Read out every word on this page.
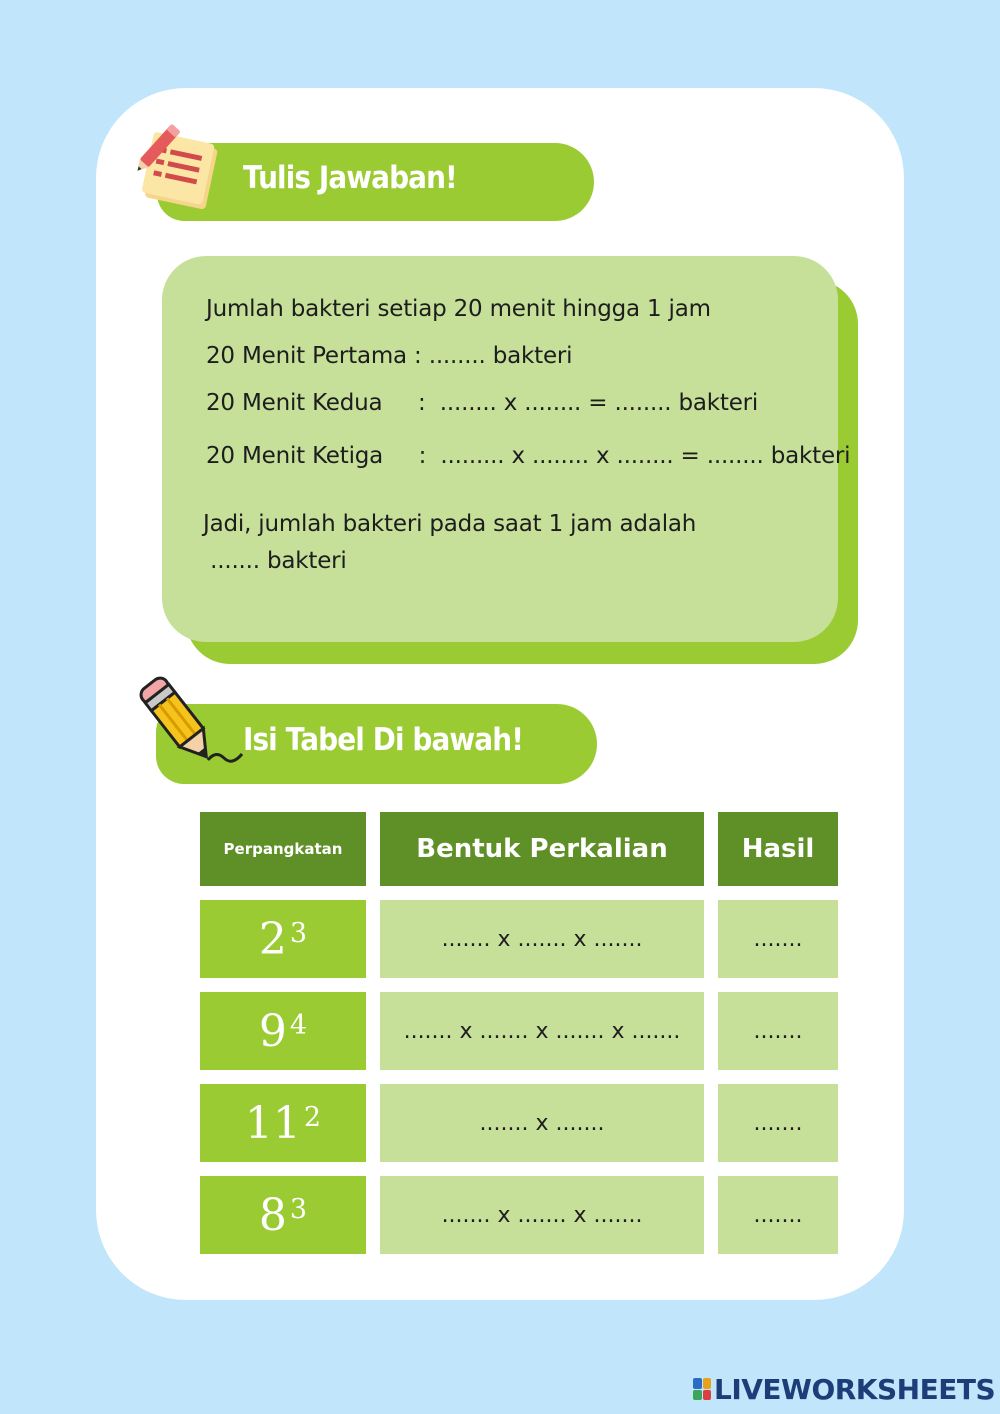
Tulis Jawaban!
Jumlah bakteri setiap 20 menit hingga 1 jam
20 Menit Pertama : ........ bakteri
20 Menit Kedua     :  ........ x ........ = ........ bakteri
20 Menit Ketiga     :  ......... x ........ x ........ = ........ bakteri
Jadi, jumlah bakteri pada saat 1 jam adalah
....... bakteri
Isi Tabel Di bawah!
Perpangkatan	Bentuk Perkalian	Hasil
$2^3$	....... x ....... x .......	.......
$9^4$	....... x ....... x ....... x .......	.......
$11^2$	....... x .......	.......
$8^3$	....... x ....... x .......	.......
LIVEWORKSHEETS
